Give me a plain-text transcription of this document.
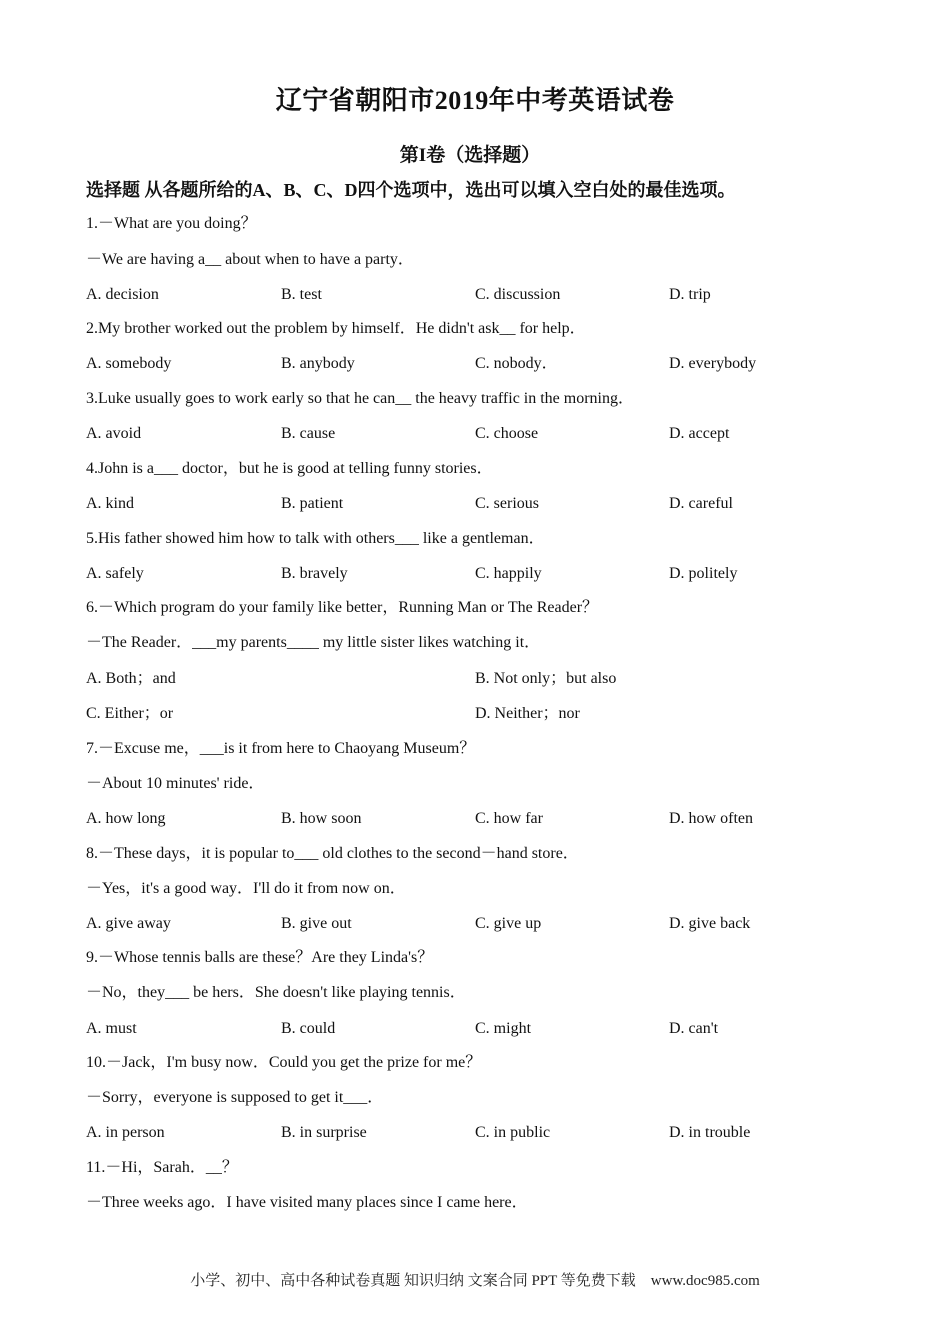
辽宁省朝阳市2019年中考英语试卷
第I卷（选择题）
选择题 从各题所给的A、B、C、D四个选项中，选出可以填入空白处的最佳选项。
1.－What are you doing？
－We are having a__ about when to have a party．
A. decision	B. test	C. discussion	D. trip
2.My brother worked out the problem by himself．He didn't ask__ for help．
A. somebody	B. anybody	C. nobody．	D. everybody
3.Luke usually goes to work early so that he can__ the heavy traffic in the morning．
A. avoid	B. cause	C. choose	D. accept
4.John is a___ doctor，but he is good at telling funny stories．
A. kind	B. patient	C. serious	D. careful
5.His father showed him how to talk with others___ like a gentleman．
A. safely	B. bravely	C. happily	D. politely
6.－Which program do your family like better，Running Man or The Reader？
－The Reader．___my parents____ my little sister likes watching it．
A. Both；and	B. Not only；but also
C. Either；or	D. Neither；nor
7.－Excuse me，___is it from here to Chaoyang Museum？
－About 10 minutes' ride．
A. how long	B. how soon	C. how far	D. how often
8.－These days，it is popular to___ old clothes to the second－hand store．
－Yes，it's a good way．I'll do it from now on．
A. give away	B. give out	C. give up	D. give back
9.－Whose tennis balls are these？Are they Linda's？
－No，they___ be hers．She doesn't like playing tennis．
A. must	B. could	C. might	D. can't
10.－Jack，I'm busy now．Could you get the prize for me？
－Sorry，everyone is supposed to get it___．
A. in person	B. in surprise	C. in public	D. in trouble
11.－Hi，Sarah．__？
－Three weeks ago．I have visited many places since I came here．
小学、初中、高中各种试卷真题 知识归纳 文案合同 PPT 等免费下载　www.doc985.com
